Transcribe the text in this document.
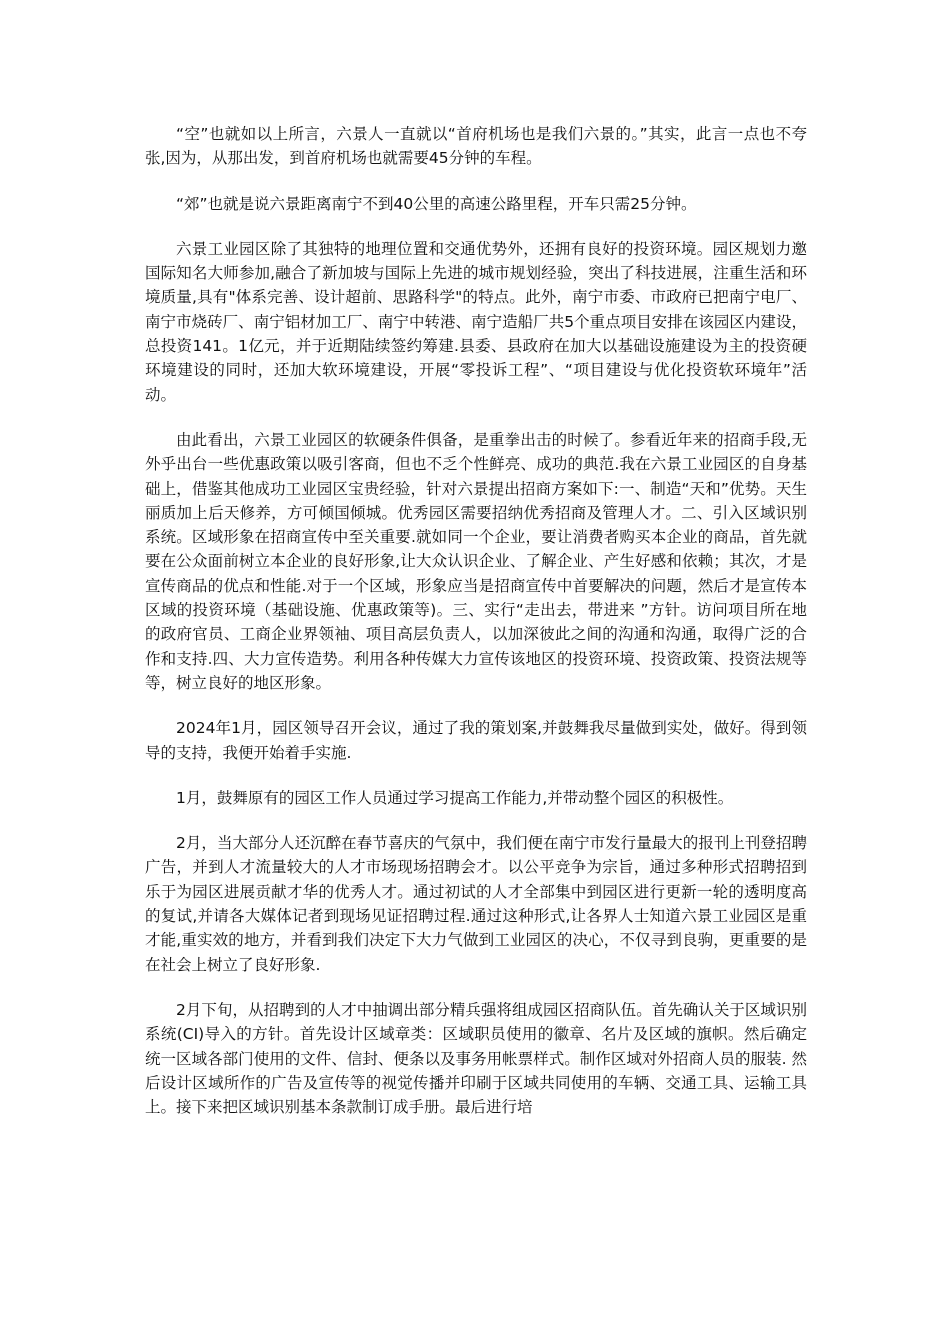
“空”也就如以上所言，六景人一直就以“首府机场也是我们六景的。”其实，此言一点也不夸张,因为，从那出发，到首府机场也就需要45分钟的车程。

“郊”也就是说六景距离南宁不到40公里的高速公路里程，开车只需25分钟。

六景工业园区除了其独特的地理位置和交通优势外，还拥有良好的投资环境。园区规划力邀国际知名大师参加,融合了新加坡与国际上先进的城市规划经验，突出了科技进展，注重生活和环境质量,具有"体系完善、设计超前、思路科学"的特点。此外，南宁市委、市政府已把南宁电厂、南宁市烧砖厂、南宁铝材加工厂、南宁中转港、南宁造船厂共5个重点项目安排在该园区内建设，总投资141。1亿元，并于近期陆续签约筹建.县委、县政府在加大以基础设施建设为主的投资硬环境建设的同时，还加大软环境建设，开展“零投诉工程”、“项目建设与优化投资软环境年”活动。

由此看出，六景工业园区的软硬条件俱备，是重拳出击的时候了。参看近年来的招商手段,无外乎出台一些优惠政策以吸引客商，但也不乏个性鲜亮、成功的典范.我在六景工业园区的自身基础上，借鉴其他成功工业园区宝贵经验，针对六景提出招商方案如下:一、制造“天和”优势。天生丽质加上后天修养，方可倾国倾城。优秀园区需要招纳优秀招商及管理人才。二、引入区域识别系统。区域形象在招商宣传中至关重要.就如同一个企业，要让消费者购买本企业的商品，首先就要在公众面前树立本企业的良好形象,让大众认识企业、了解企业、产生好感和依赖；其次，才是宣传商品的优点和性能.对于一个区域，形象应当是招商宣传中首要解决的问题，然后才是宣传本区域的投资环境（基础设施、优惠政策等)。三、实行“走出去，带进来 ”方针。访问项目所在地的政府官员、工商企业界领袖、项目高层负责人，以加深彼此之间的沟通和沟通，取得广泛的合作和支持.四、大力宣传造势。利用各种传媒大力宣传该地区的投资环境、投资政策、投资法规等等，树立良好的地区形象。

2024年1月，园区领导召开会议，通过了我的策划案,并鼓舞我尽量做到实处，做好。得到领导的支持，我便开始着手实施.

1月，鼓舞原有的园区工作人员通过学习提高工作能力,并带动整个园区的积极性。

2月，当大部分人还沉醉在春节喜庆的气氛中，我们便在南宁市发行量最大的报刊上刊登招聘广告，并到人才流量较大的人才市场现场招聘会才。以公平竞争为宗旨，通过多种形式招聘招到乐于为园区进展贡献才华的优秀人才。通过初试的人才全部集中到园区进行更新一轮的透明度高的复试,并请各大媒体记者到现场见证招聘过程.通过这种形式,让各界人士知道六景工业园区是重才能,重实效的地方，并看到我们决定下大力气做到工业园区的决心，不仅寻到良驹，更重要的是在社会上树立了良好形象.

2月下旬，从招聘到的人才中抽调出部分精兵强将组成园区招商队伍。首先确认关于区域识别系统(CI)导入的方针。首先设计区域章类：区域职员使用的徽章、名片及区域的旗帜。然后确定统一区域各部门使用的文件、信封、便条以及事务用帐票样式。制作区域对外招商人员的服装. 然后设计区域所作的广告及宣传等的视觉传播并印刷于区域共同使用的车辆、交通工具、运输工具上。接下来把区域识别基本条款制订成手册。最后进行培
